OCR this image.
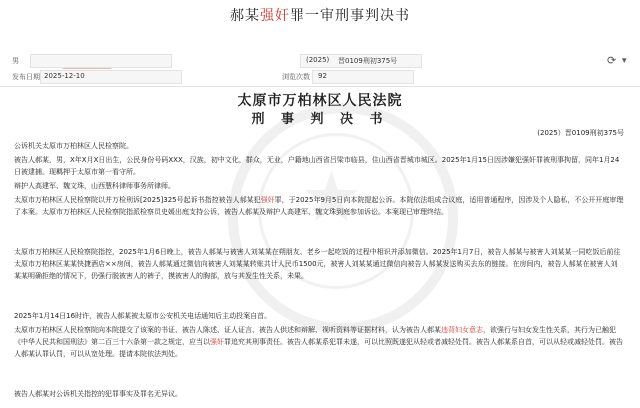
郝某强奸罪一审刑事判决书
男	(2025) 晋0109刑初375号	⟳ ▾
发布日期 2025-12-10	浏览次数 92
★
太原市万柏林区人民法院
刑 事 判 决 书
(2025）晋0109刑初375号
公诉机关太原市万柏林区人民检察院。
被告人郝某，男，X年X月X日出生，公民身份号码XXX，汉族，初中文化，群众，无业，户籍地山西省吕梁市临县，住山西省晋城市城区。2025年1月15日因涉嫌犯强奸罪被刑事拘留，同年1月24日被逮捕。现羁押于太原市第一看守所。
辩护人高建军、魏文珠，山西慧科律师事务所律师。
太原市万柏林区人民检察院以并万检刑诉[2025]325号起诉书指控被告人郝某犯强奸罪，于2025年9月5日向本院提起公诉。本院依法组成合议庭，适用普通程序，因涉及个人隐私，不公开开庭审理了本案。太原市万柏林区人民检察院指派检察员史媛出庭支持公诉，被告人郝某及辩护人高建军、魏文珠到庭参加诉讼。本案现已审理终结。
太原市万柏林区人民检察院指控，2025年1月6日晚上，被告人郝某与被害人刘某某在朔朋友、老乡一起吃饭的过程中相识并添加微信。2025年1月7日，被告人郝某与被害人刘某某一同吃饭后前往太原市万柏林区某某快捷酒店××房间，被告人郝某通过微信向被害人刘某某转账共计人民币1500元，被害人刘某某通过微信向被告人郝某发送购买去东的链接。在房间内，被告人郝某在被害人刘某某明确拒绝的情况下，仍强行脱被害人的裤子，摸被害人的胸部，放与其发生性关系，未果。
2025年1月14日16时许，被告人郝某被太原市公安机关电话通知后主动投案自首。
太原市万柏林区人民检察院向本院提交了该案的书证、被告人陈述、证人证言、被告人供述和辩解、视听资料等证据材料，认为被告人郝某违背妇女意志，欲强行与妇女发生性关系，其行为已触犯《中华人民共和国刑法》第二百三十六条第一款之规定，应当以强奸罪追究其刑事责任。被告人郝某系犯罪未遂，可以比照既遂犯从轻或者减轻处罚。被告人郝某系自首，可以从轻或减轻处罚。被告人郝某认罪认罚，可以从宽处理。提请本院依法判处。
被告人郝某对公诉机关指控的犯罪事实及罪名无异议。
